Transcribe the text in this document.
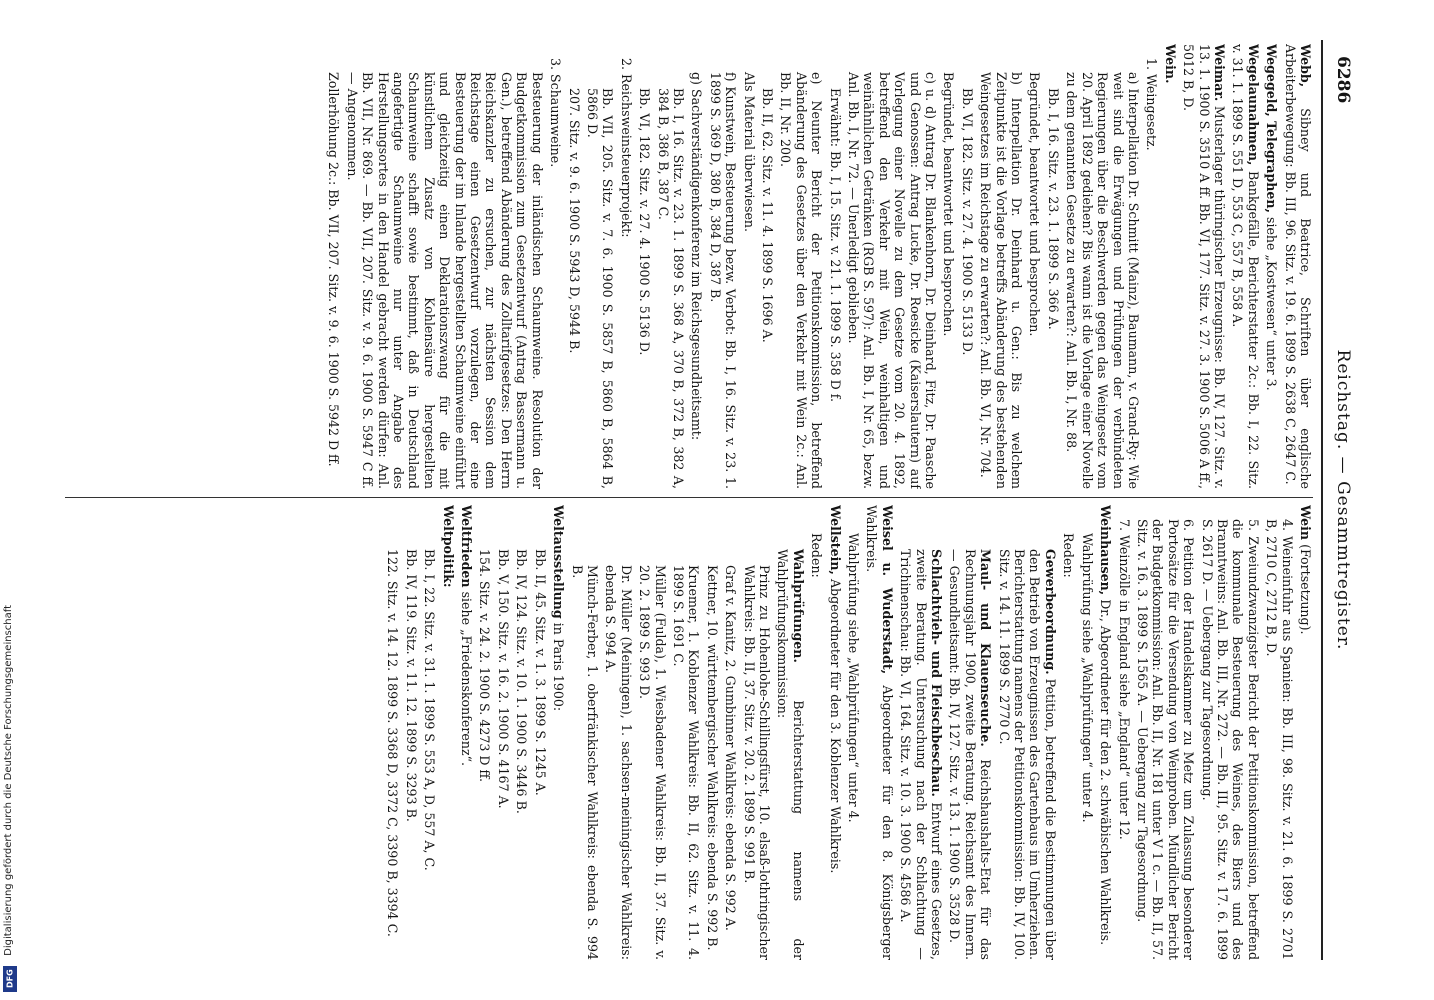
6286
Reichstag. — Gesammtregister.

Webb, Sibney und Beatrice, Schriften über englische Arbeiterbewegung: Bb. III, 96. Sitz. v. 19. 6. 1899 S. 2638 C, 2647 C.

Wegegeld, Telegraphen, siehe „Kostwesen“ unter 3.

Wegelaunahmen, Bankgefälle, Berichterstatter 2c.: Bb. I, 22. Sitz. v. 31. 1. 1899 S. 551 D, 553 C, 557 B, 558 A.

Weimar. Musterlager thüringischer Erzeugnisse: Bb. IV, 127. Sitz. v. 13. 1. 1900 S. 3510 A ff. Bb. VI, 177. Sitz. v. 27. 3. 1900 S. 5006 A ff., 5012 B, D.

Wein.

1. Weingesetz.

a) Interpellation Dr. Schmitt (Mainz), Baumann, v. Grand-Ry: Wie weit sind die Erwägungen und Prüfungen der verbündeten Regierungen über die Beschwerden gegen das Weingesetz vom 20. April 1892 gediehen? Bis wann ist die Vorlage einer Novelle zu dem genannten Gesetze zu erwarten?: Anl. Bb. I, Nr. 88.

Bb. I, 16. Sitz. v. 23. 1. 1899 S. 366 A.

Begründet, beantwortet und besprochen.

b) Interpellation Dr. Deinhard u. Gen.: Bis zu welchem Zeitpunkte ist die Vorlage betreffs Abänderung des bestehenden Weingesetzes im Reichstage zu erwarten?: Anl. Bb. VI, Nr. 704.

Bb. VI, 182. Sitz. v. 27. 4. 1900 S. 5133 D.

Begründet, beantwortet und besprochen.

c) u. d) Antrag Dr. Blankenhorn, Dr. Deinhard, Fitz, Dr. Paasche und Genossen: Antrag Lucke, Dr. Roesicke (Kaiserslautern) auf Vorlegung einer Novelle zu dem Gesetze vom 20. 4. 1892, betreffend den Verkehr mit Wein, weinhaltigen und weinähnlichen Getränken (RGB S. 597): Anl. Bb. I, Nr. 65, bezw. Anl. Bb. I, Nr. 72. — Unerledigt geblieben.

Erwähnt: Bb. I, 15. Sitz. v. 21. 1. 1899 S. 358 D f.

e) Neunter Bericht der Petitionskommission, betreffend Abänderung des Gesetzes über den Verkehr mit Wein 2c.: Anl. Bb. II, Nr. 200.

Bb. II, 62. Sitz. v. 11. 4. 1899 S. 1696 A.

Als Material überwiesen.

f) Kunstwein, Besteuerung bezw. Verbot: Bb. I, 16. Sitz. v. 23. 1. 1899 S. 369 D, 380 B, 384 D, 387 B.

g) Sachverständigenkonferenz im Reichsgesundheitsamt:

Bb. I, 16. Sitz. v. 23. 1. 1899 S. 368 A, 370 B, 372 B, 382 A, 384 B, 386 B, 387 C.

Bb. VI, 182. Sitz. v. 27. 4. 1900 S. 5136 D.

2. Reichsweinsteuerprojekt:

Bb. VII, 205. Sitz. v. 7. 6. 1900 S. 5857 B, 5860 B, 5864 B, 5866 D.

207. Sitz. v. 9. 6. 1900 S. 5943 D, 5944 B.

3. Schaumweine.

Besteuerung der inländischen Schaumweine. Resolution der Budgetkommission zum Gesetzentwurf (Antrag Bassermann u. Gen.), betreffend Abänderung des Zolltarifgesetzes: Den Herrn Reichskanzler zu ersuchen, zur nächsten Session dem Reichstage einen Gesetzentwurf vorzulegen, der eine Besteuerung der im Inlande hergestellten Schaumweine einführt und gleichzeitig einen Deklarationszwang für die mit künstlichem Zusatz von Kohlensäure hergestellten Schaumweine schafft sowie bestimmt, daß in Deutschland angefertigte Schaumweine nur unter Angabe des Herstellungsortes in den Handel gebracht werden dürfen: Anl. Bb. VII, Nr. 869. — Bb. VII, 207. Sitz. v. 9. 6. 1900 S. 5947 C ff. — Angenommen.

Zollerhöhung 2c.: Bb. VII, 207. Sitz. v. 9. 6. 1900 S. 5942 D ff.

Wein (Fortsetzung).

4. Weineinfuhr aus Spanien: Bb. III, 98. Sitz. v. 21. 6. 1899 S. 2701 B, 2710 C, 2712 B, D.

5. Zweiundzwanzigster Bericht der Petitionskommission, betreffend die kommunale Besteuerung des Weines, des Biers und des Branntweins: Anl. Bb. III, Nr. 272. — Bb. III, 95. Sitz. v. 17. 6. 1899 S. 2617 D. — Uebergang zur Tagesordnung.

6. Petition der Handelskammer zu Metz um Zulassung besonderer Portosätze für die Versendung von Weinproben. Mündlicher Bericht der Budgetkommission: Anl. Bb. II, Nr. 181 unter V 1 c. — Bb. II, 57. Sitz. v. 16. 3. 1899 S. 1565 A. — Uebergang zur Tagesordnung.

7. Weinzölle in England siehe „England“ unter 12.

Weinhausen, Dr., Abgeordneter für den 2. schwäbischen Wahlkreis.

Wahlprüfung siehe „Wahlprüfungen“ unter 4.

Reden:

Gewerbeordnung. Petition, betreffend die Bestimmungen über den Betrieb von Erzeugnissen des Gartenbaus im Umherziehen. Berichterstattung namens der Petitionskommission: Bb. IV, 100. Sitz. v. 14. 11. 1899 S. 2770 C.

Maul- und Klauenseuche. Reichshaushalts-Etat für das Rechnungsjahr 1900, zweite Beratung. Reichsamt des Innern. — Gesundheitsamt: Bb. IV, 127. Sitz. v. 13. 1. 1900 S. 3528 D.

Schlachtvieh- und Fleischbeschau. Entwurf eines Gesetzes, zweite Beratung. Untersuchung nach der Schlachtung — Trichinenschau: Bb. VI, 164. Sitz. v. 10. 3. 1900 S. 4586 A.

Weisel u. Wuderstadt, Abgeordneter für den 8. Königsberger Wahlkreis.

Wahlprüfung siehe „Wahlprüfungen“ unter 4.

Wellstein, Abgeordneter für den 3. Koblenzer Wahlkreis.

Reden:

Wahlprüfungen. Berichterstattung namens der Wahlprüfungskommission:

Prinz zu Hohenlohe-Schillingsfürst, 10. elsaß-lothringischer Wahlkreis: Bb. II, 37. Sitz. v. 20. 2. 1899 S. 991 B.

Graf v. Kanitz, 2. Gumbinner Wahlkreis: ebenda S. 992 A.

Kettner, 10. württembergischer Wahlkreis: ebenda S. 992 B.

Kruemer, 1. Koblenzer Wahlkreis: Bb. II, 62. Sitz. v. 11. 4. 1899 S. 1691 C.

Müller (Fulda), 1. Wiesbadener Wahlkreis: Bb. II, 37. Sitz. v. 20. 2. 1899 S. 993 D.

Dr. Müller (Meiningen), 1. sachsen-meiningischer Wahlkreis: ebenda S. 994 A.

Münch-Ferber, 1. oberfränkischer Wahlkreis: ebenda S. 994 B.

Weltausstellung in Paris 1900:

Bb. II, 45. Sitz. v. 1. 3. 1899 S. 1245 A.

Bb. IV, 124. Sitz. v. 10. 1. 1900 S. 3446 B.

Bb. V, 150. Sitz. v. 16. 2. 1900 S. 4167 A.

154. Sitz. v. 24. 2. 1900 S. 4273 D ff.

Weltfrieden siehe „Friedenskonferenz“.

Weltpolitik:

Bb. I, 22. Sitz. v. 31. 1. 1899 S. 553 A, D, 557 A, C.

Bb. IV, 119. Sitz. v. 11. 12. 1899 S. 3293 B.

122. Sitz. v. 14. 12. 1899 S. 3368 D, 3372 C, 3390 B, 3394 C.

Digitalisierung gefördert durch die Deutsche Forschungsgemeinschaft
DFG
